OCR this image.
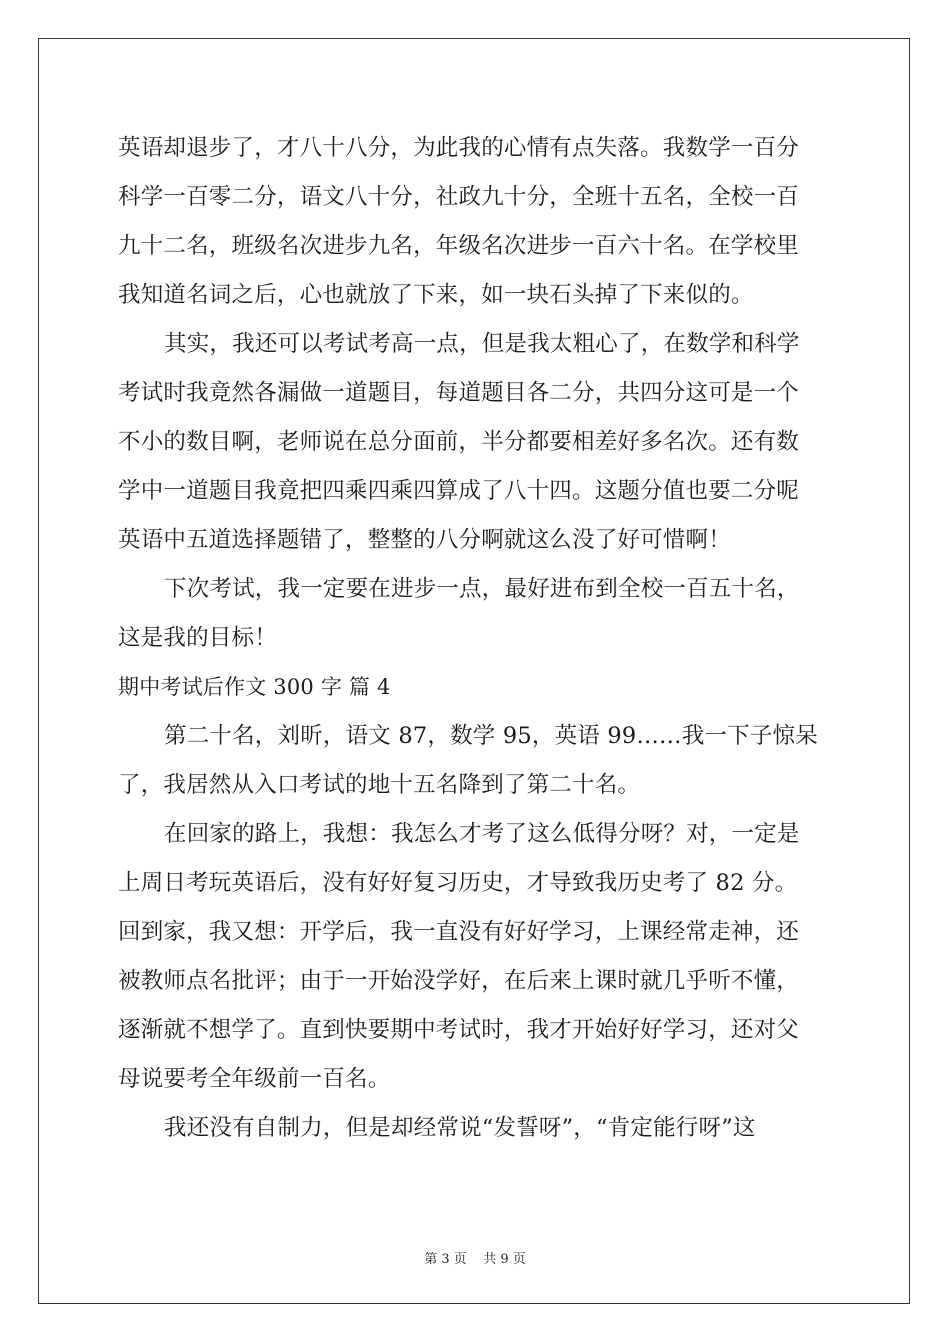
英语却退步了，才八十八分，为此我的心情有点失落。我数学一百分
科学一百零二分，语文八十分，社政九十分，全班十五名，全校一百
九十二名，班级名次进步九名，年级名次进步一百六十名。在学校里
我知道名词之后，心也就放了下来，如一块石头掉了下来似的。
其实，我还可以考试考高一点，但是我太粗心了，在数学和科学
考试时我竟然各漏做一道题目，每道题目各二分，共四分这可是一个
不小的数目啊，老师说在总分面前，半分都要相差好多名次。还有数
学中一道题目我竟把四乘四乘四算成了八十四。这题分值也要二分呢
英语中五道选择题错了，整整的八分啊就这么没了好可惜啊！
下次考试，我一定要在进步一点，最好进布到全校一百五十名，
这是我的目标！
期中考试后作文 300 字 篇 4
第二十名，刘昕，语文 87，数学 95，英语 99……我一下子惊呆
了，我居然从入口考试的地十五名降到了第二十名。
在回家的路上，我想：我怎么才考了这么低得分呀？对，一定是
上周日考玩英语后，没有好好复习历史，才导致我历史考了 82 分。
回到家，我又想：开学后，我一直没有好好学习，上课经常走神，还
被教师点名批评；由于一开始没学好，在后来上课时就几乎听不懂，
逐渐就不想学了。直到快要期中考试时，我才开始好好学习，还对父
母说要考全年级前一百名。
我还没有自制力，但是却经常说“发誓呀”，“肯定能行呀”这
第 3 页 共 9 页
